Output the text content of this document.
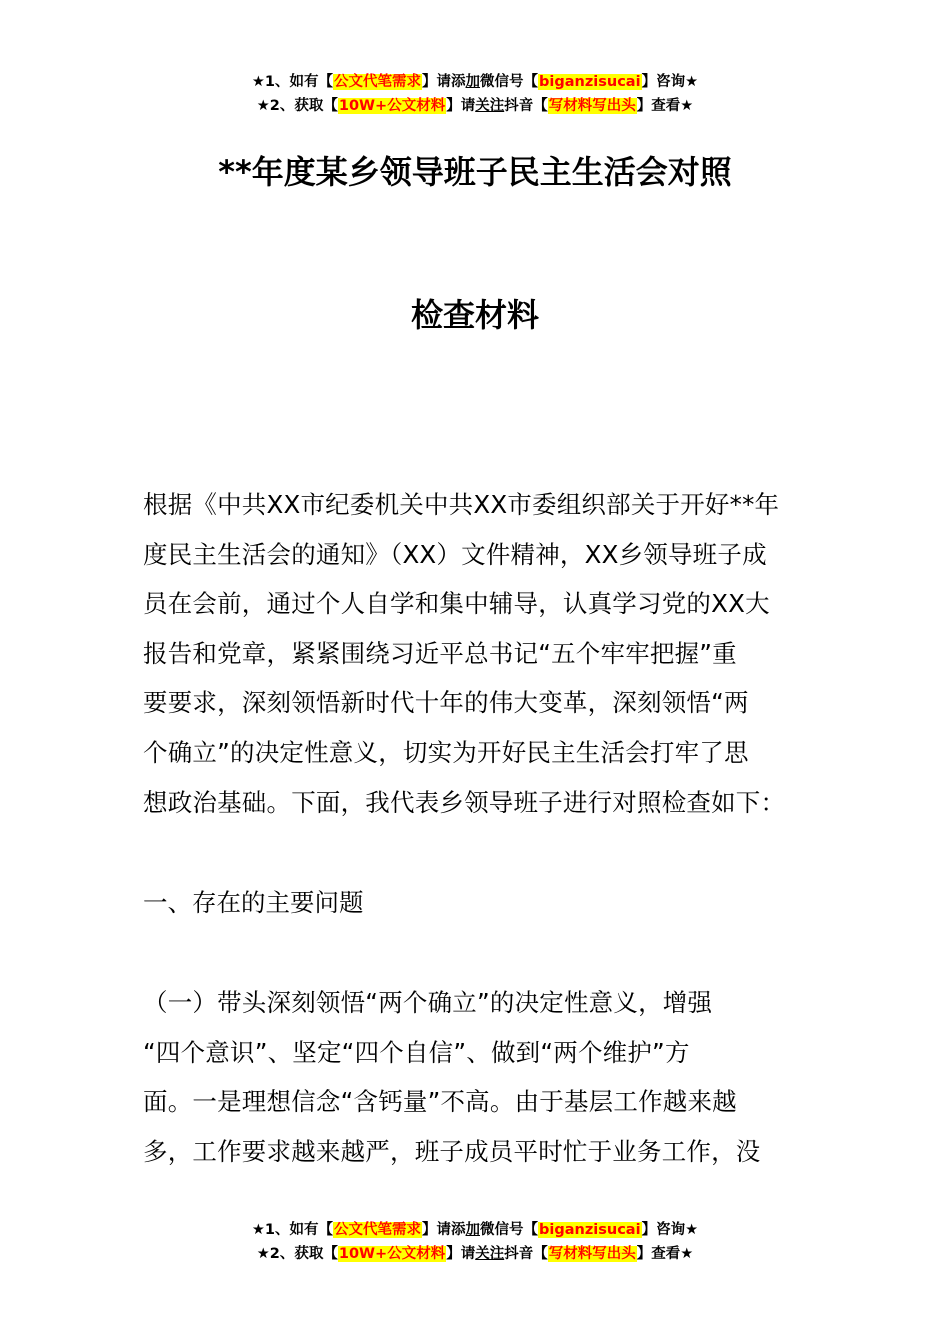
★1、如有【公文代笔需求】请添加微信号【biganzisucai】咨询★
★2、获取【10W+公文材料】请关注抖音【写材料写出头】查看★
**年度某乡领导班子民主生活会对照
检查材料
根据《中共XX市纪委机关中共XX市委组织部关于开好**年
度民主生活会的通知》（XX）文件精神，XX乡领导班子成
员在会前，通过个人自学和集中辅导，认真学习党的XX大
报告和党章，紧紧围绕习近平总书记“五个牢牢把握”重
要要求，深刻领悟新时代十年的伟大变革，深刻领悟“两
个确立”的决定性意义，切实为开好民主生活会打牢了思
想政治基础。下面，我代表乡领导班子进行对照检查如下：
一、存在的主要问题
（一）带头深刻领悟“两个确立”的决定性意义，增强
“四个意识”、坚定“四个自信”、做到“两个维护”方
面。一是理想信念“含钙量”不高。由于基层工作越来越
多，工作要求越来越严，班子成员平时忙于业务工作，没
★1、如有【公文代笔需求】请添加微信号【biganzisucai】咨询★
★2、获取【10W+公文材料】请关注抖音【写材料写出头】查看★
